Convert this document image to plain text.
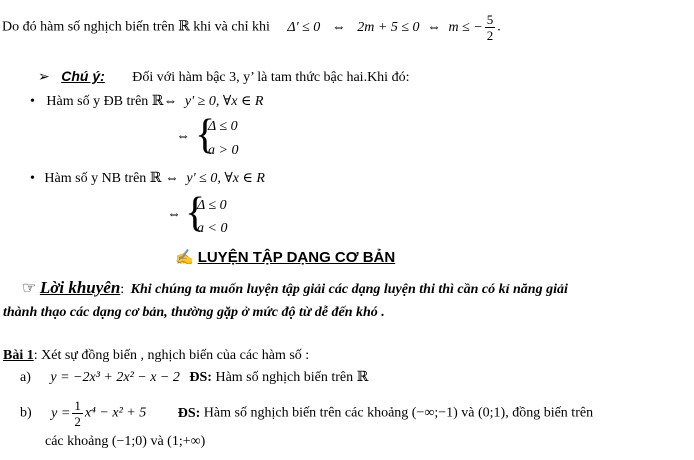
Do đó hàm số nghịch biến trên ℝ khi và chỉ khi Δ' ≤ 0 ⇔ 2m + 5 ≤ 0 ⇔ m ≤ − $\frac{5}{2}$ .
➢ Chú ý: Đối với hàm bậc 3, y’ là tam thức bậc hai.Khi đó:
• Hàm số y ĐB trên ℝ⇔ y' ≥ 0, ∀x ∈ R
⇔ {
Δ ≤ 0
a > 0
• Hàm số y NB trên ℝ ⇔ y' ≤ 0, ∀x ∈ R
⇔ {
Δ ≤ 0
a < 0
✍ LUYỆN TẬP DẠNG CƠ BẢN
☞ Lời khuyên: Khi chúng ta muốn luyện tập giải các dạng luyện thi thì cần có kỉ năng giải
thành thạo các dạng cơ bản, thường gặp ở mức độ từ dễ đến khó .
Bài 1: Xét sự đồng biến , nghịch biến của các hàm số :
a) y = −2x³ + 2x² − x − 2 ĐS: Hàm số nghịch biến trên ℝ
b) $y = \frac{1}{2} x^4 - x^2 + 5$ ĐS: Hàm số nghịch biến trên các khoảng (−∞;−1) và (0;1), đồng biến trên
các khoảng (−1;0) và (1;+∞)
